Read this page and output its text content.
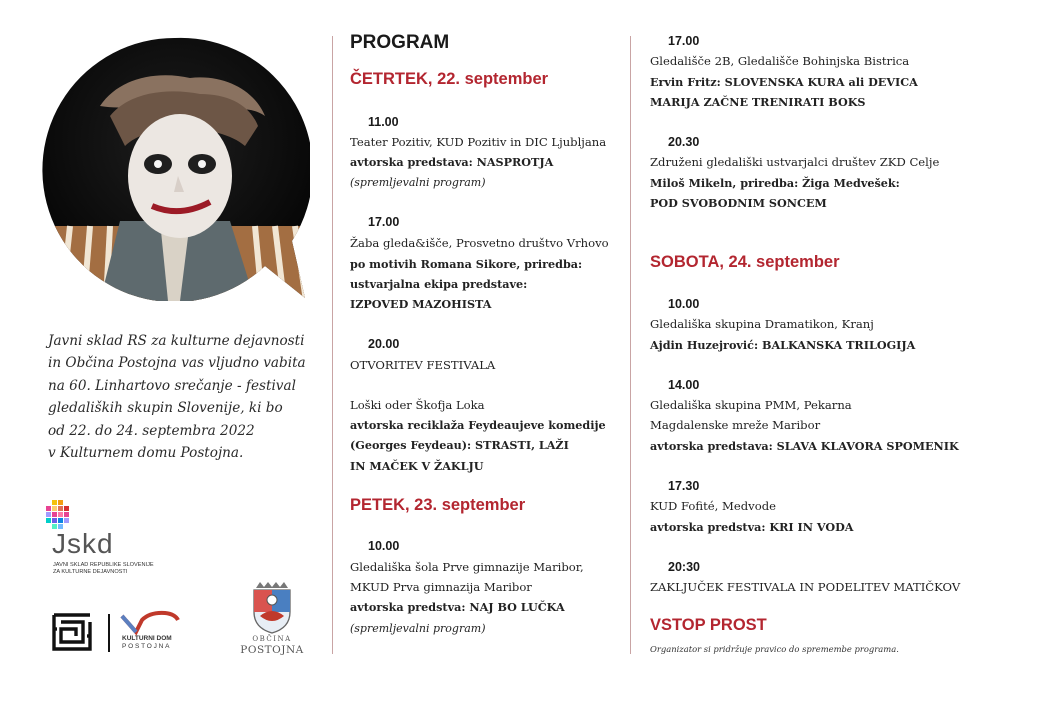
Javni sklad RS za kulturne dejavnosti
in Občina Postojna vas vljudno vabita
na 60. Linhartovo srečanje - festival
gledaliških skupin Slovenije, ki bo
od 22. do 24. septembra 2022
v Kulturnem domu Postojna.
Jskd
JAVNI SKLAD REPUBLIKE SLOVENIJE
ZA KULTURNE DEJAVNOSTI
KULTURNI DOM
POSTOJNA
OBČINA
POSTOJNA
PROGRAM
ČETRTEK, 22. september
11.00
Teater Pozitiv, KUD Pozitiv in DIC Ljubljana
avtorska predstava: NASPROTJA
(spremljevalni program)
17.00
Žaba gleda&išče, Prosvetno društvo Vrhovo
po motivih Romana Sikore, priredba:
ustvarjalna ekipa predstave:
IZPOVED MAZOHISTA
20.00
OTVORITEV FESTIVALA
Loški oder Škofja Loka
avtorska reciklaža Feydeaujeve komedije
(Georges Feydeau): STRASTI, LAŽI
IN MAČEK V ŽAKLJU
PETEK, 23. september
10.00
Gledališka šola Prve gimnazije Maribor,
MKUD Prva gimnazija Maribor
avtorska predstva: NAJ BO LUČKA
(spremljevalni program)
17.00
Gledališče 2B, Gledališče Bohinjska Bistrica
Ervin Fritz: SLOVENSKA KURA ali DEVICA
MARIJA ZAČNE TRENIRATI BOKS
20.30
Združeni gledališki ustvarjalci društev ZKD Celje
Miloš Mikeln, priredba: Žiga Medvešek:
POD SVOBODNIM SONCEM
SOBOTA, 24. september
10.00
Gledališka skupina Dramatikon, Kranj
Ajdin Huzejrović: BALKANSKA TRILOGIJA
14.00
Gledališka skupina PMM, Pekarna
Magdalenske mreže Maribor
avtorska predstava: SLAVA KLAVORA SPOMENIK
17.30
KUD Fofité, Medvode
avtorska predstva: KRI IN VODA
20:30
ZAKLJUČEK FESTIVALA IN PODELITEV MATIČKOV
VSTOP PROST
Organizator si pridržuje pravico do spremembe programa.
